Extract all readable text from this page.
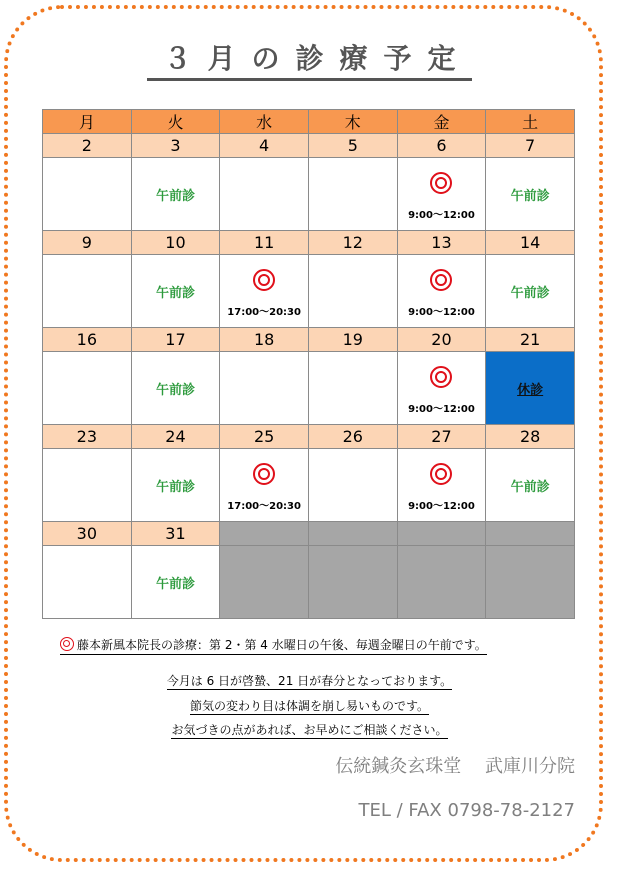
３月の診療予定
月	火	水	木	金	土
2	3	4	5	6	7
	午前診			9:00～12:00	午前診
9	10	11	12	13	14
	午前診	17:00～20:30		9:00～12:00	午前診
16	17	18	19	20	21
	午前診			9:00～12:00	休診
23	24	25	26	27	28
	午前診	17:00～20:30		9:00～12:00	午前診
30	31				
	午前診				
藤本新風本院長の診療：第 2・第 4 水曜日の午後、毎週金曜日の午前です。
今月は 6 日が啓蟄、21 日が春分となっております。
節気の変わり目は体調を崩し易いものです。
お気づきの点があれば、お早めにご相談ください。
伝統鍼灸玄珠堂　 武庫川分院
TEL / FAX 0798-78-2127
